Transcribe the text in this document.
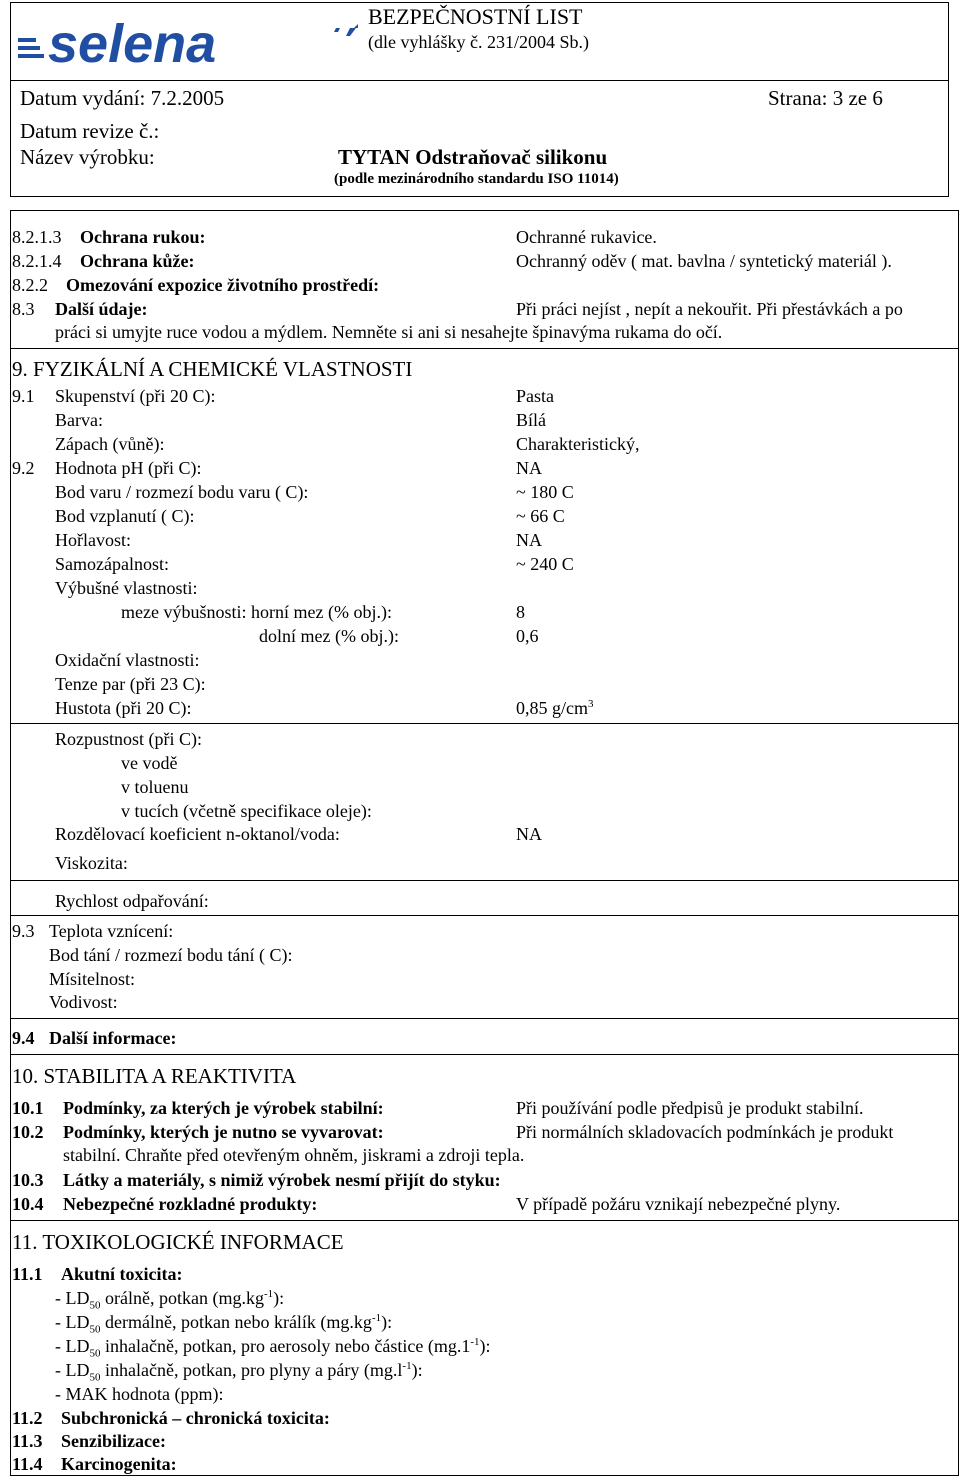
selena	BEZPEČNOSTNÍ LIST
(dle vyhlášky č. 231/2004 Sb.)
Datum vydání: 7.2.2005	Strana: 3 ze 6
Datum revize č.:
Název výrobku:	TYTAN Odstraňovač silikonu
(podle mezinárodního standardu ISO 11014)
8.2.1.3 Ochrana rukou:	Ochranné rukavice.
8.2.1.4 Ochrana kůže:	Ochranný oděv ( mat. bavlna / syntetický materiál ).
8.2.2 Omezování expozice životního prostředí:
8.3 Další údaje:	Při práci nejíst , nepít a nekouřit. Při přestávkách a po
práci si umyjte ruce vodou a mýdlem. Nemněte si ani si nesahejte špinavýma rukama do očí.
9. FYZIKÁLNÍ A CHEMICKÉ VLASTNOSTI
9.1 Skupenství (při 20 C):	Pasta
Barva:	Bílá
Zápach (vůně):	Charakteristický,
9.2 Hodnota pH (při C):	NA
Bod varu / rozmezí bodu varu ( C):	~ 180 C
Bod vzplanutí ( C):	~ 66 C
Hořlavost:	NA
Samozápalnost:	~ 240 C
Výbušné vlastnosti:
meze výbušnosti: horní mez (% obj.):	8
dolní mez (% obj.):	0,6
Oxidační vlastnosti:
Tenze par (při 23 C):
Hustota (při 20 C):	0,85 $g/cm^3$
Rozpustnost (při C):
ve vodě
v toluenu
v tucích (včetně specifikace oleje):
Rozdělovací koeficient n-oktanol/voda:	NA
Viskozita:
Rychlost odpařování:
9.3 Teplota vznícení:
Bod tání / rozmezí bodu tání ( C):
Mísitelnost:
Vodivost:
9.4 Další informace:
10. STABILITA A REAKTIVITA
10.1 Podmínky, za kterých je výrobek stabilní:	Při používání podle předpisů je produkt stabilní.
10.2 Podmínky, kterých je nutno se vyvarovat:	Při normálních skladovacích podmínkách je produkt
stabilní. Chraňte před otevřeným ohněm, jiskrami a zdroji tepla.
10.3 Látky a materiály, s nimiž výrobek nesmí přijít do styku:
10.4 Nebezpečné rozkladné produkty:	V případě požáru vznikají nebezpečné plyny.
11. TOXIKOLOGICKÉ INFORMACE
11.1 Akutní toxicita:
- $LD_{50}$ orálně, potkan $(mg.kg^{-1})$:
- $LD_{50}$ dermálně, potkan nebo králík $(mg.kg^{-1})$:
- $LD_{50}$ inhalačně, potkan, pro aerosoly nebo částice $(mg.1^{-1})$:
- $LD_{50}$ inhalačně, potkan, pro plyny a páry $(mg.l^{-1})$:
- MAK hodnota (ppm):
11.2 Subchronická – chronická toxicita:
11.3 Senzibilizace:
11.4 Karcinogenita:
